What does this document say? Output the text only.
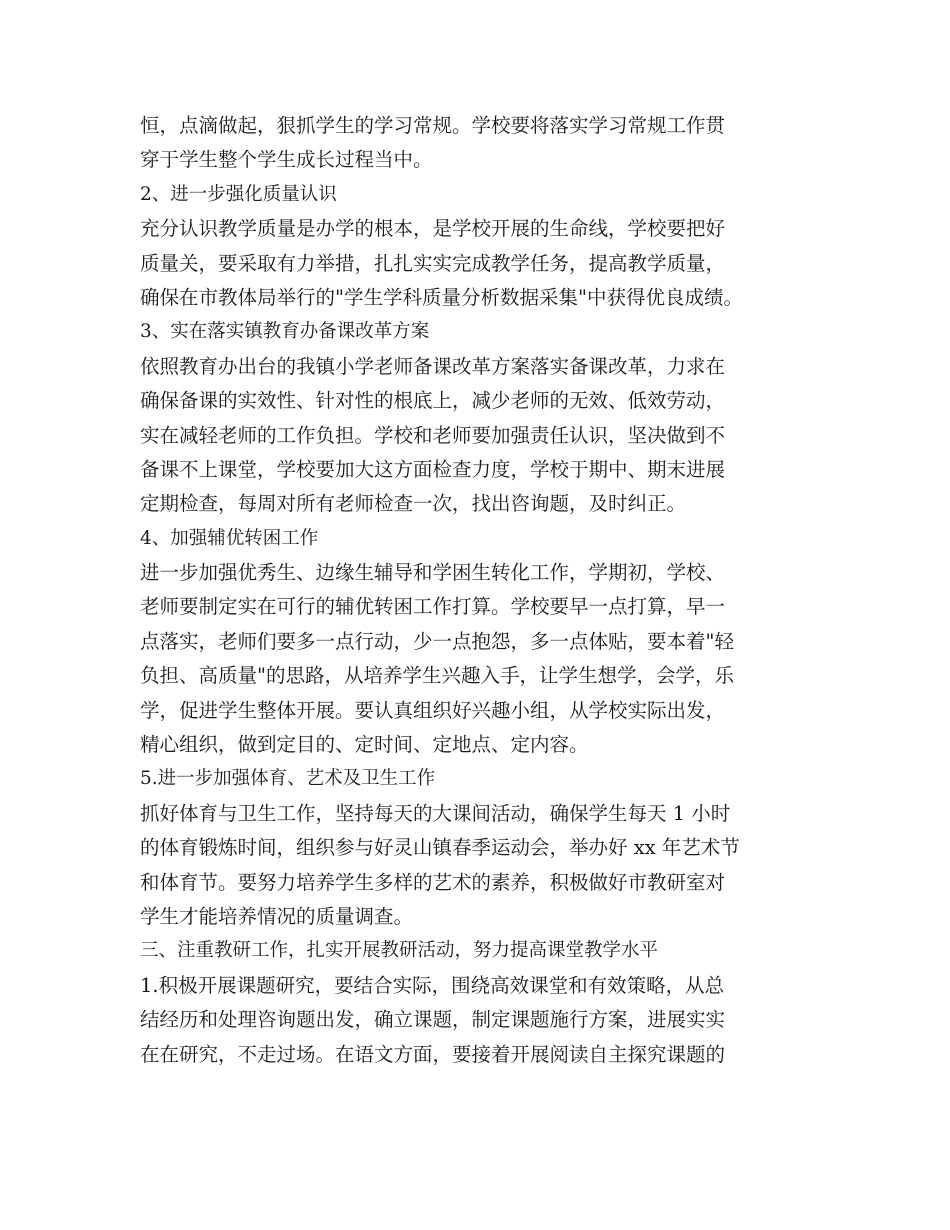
恒，点滴做起，狠抓学生的学习常规。学校要将落实学习常规工作贯
穿于学生整个学生成长过程当中。
2、进一步强化质量认识
充分认识教学质量是办学的根本，是学校开展的生命线，学校要把好
质量关，要采取有力举措，扎扎实实完成教学任务，提高教学质量，
确保在市教体局举行的"学生学科质量分析数据采集"中获得优良成绩。
3、实在落实镇教育办备课改革方案
依照教育办出台的我镇小学老师备课改革方案落实备课改革，力求在
确保备课的实效性、针对性的根底上，减少老师的无效、低效劳动，
实在减轻老师的工作负担。学校和老师要加强责任认识，坚决做到不
备课不上课堂，学校要加大这方面检查力度，学校于期中、期末进展
定期检查，每周对所有老师检查一次，找出咨询题，及时纠正。
4、加强辅优转困工作
进一步加强优秀生、边缘生辅导和学困生转化工作，学期初，学校、
老师要制定实在可行的辅优转困工作打算。学校要早一点打算，早一
点落实，老师们要多一点行动，少一点抱怨，多一点体贴，要本着"轻
负担、高质量"的思路，从培养学生兴趣入手，让学生想学，会学，乐
学，促进学生整体开展。要认真组织好兴趣小组，从学校实际出发，
精心组织，做到定目的、定时间、定地点、定内容。
5.进一步加强体育、艺术及卫生工作
抓好体育与卫生工作，坚持每天的大课间活动，确保学生每天 1 小时
的体育锻炼时间，组织参与好灵山镇春季运动会，举办好 xx 年艺术节
和体育节。要努力培养学生多样的艺术的素养，积极做好市教研室对
学生才能培养情况的质量调查。
三、注重教研工作，扎实开展教研活动，努力提高课堂教学水平
1.积极开展课题研究，要结合实际，围绕高效课堂和有效策略，从总
结经历和处理咨询题出发，确立课题，制定课题施行方案，进展实实
在在研究，不走过场。在语文方面，要接着开展阅读自主探究课题的
